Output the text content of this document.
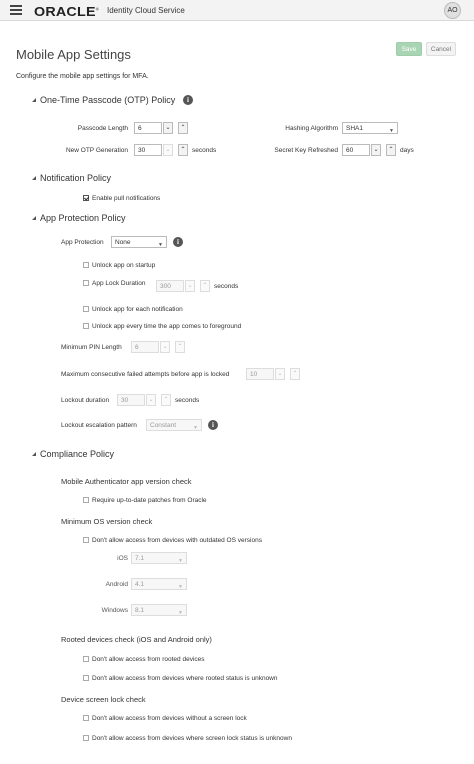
ORACLE® Identity Cloud Service	AO
Mobile App Settings	Save	Cancel
Configure the mobile app settings for MFA.
One-Time Passcode (OTP) Policy	i
Passcode Length	6	⌄	⌃	Hashing Algorithm	SHA1	▼
New OTP Generation	30	⌄	⌃ seconds	Secret Key Refreshed	60	⌄	⌃ days
Notification Policy
Enable pull notifications
App Protection Policy
App Protection	None	▼	i
Unlock app on startup
App Lock Duration	300	⌄	⌃ seconds
Unlock app for each notification
Unlock app every time the app comes to foreground
Minimum PIN Length	6	⌄	⌃
Maximum consecutive failed attempts before app is locked	10	⌄	⌃
Lockout duration	30	⌄	⌃ seconds
Lockout escalation pattern	Constant	▼	i
Compliance Policy
Mobile Authenticator app version check
Require up-to-date patches from Oracle
Minimum OS version check
Don't allow access from devices with outdated OS versions
iOS	7.1	▼
Android	4.1	▼
Windows	8.1	▼
Rooted devices check (iOS and Android only)
Don't allow access from rooted devices
Don't allow access from devices where rooted status is unknown
Device screen lock check
Don't allow access from devices without a screen lock
Don't allow access from devices where screen lock status is unknown
